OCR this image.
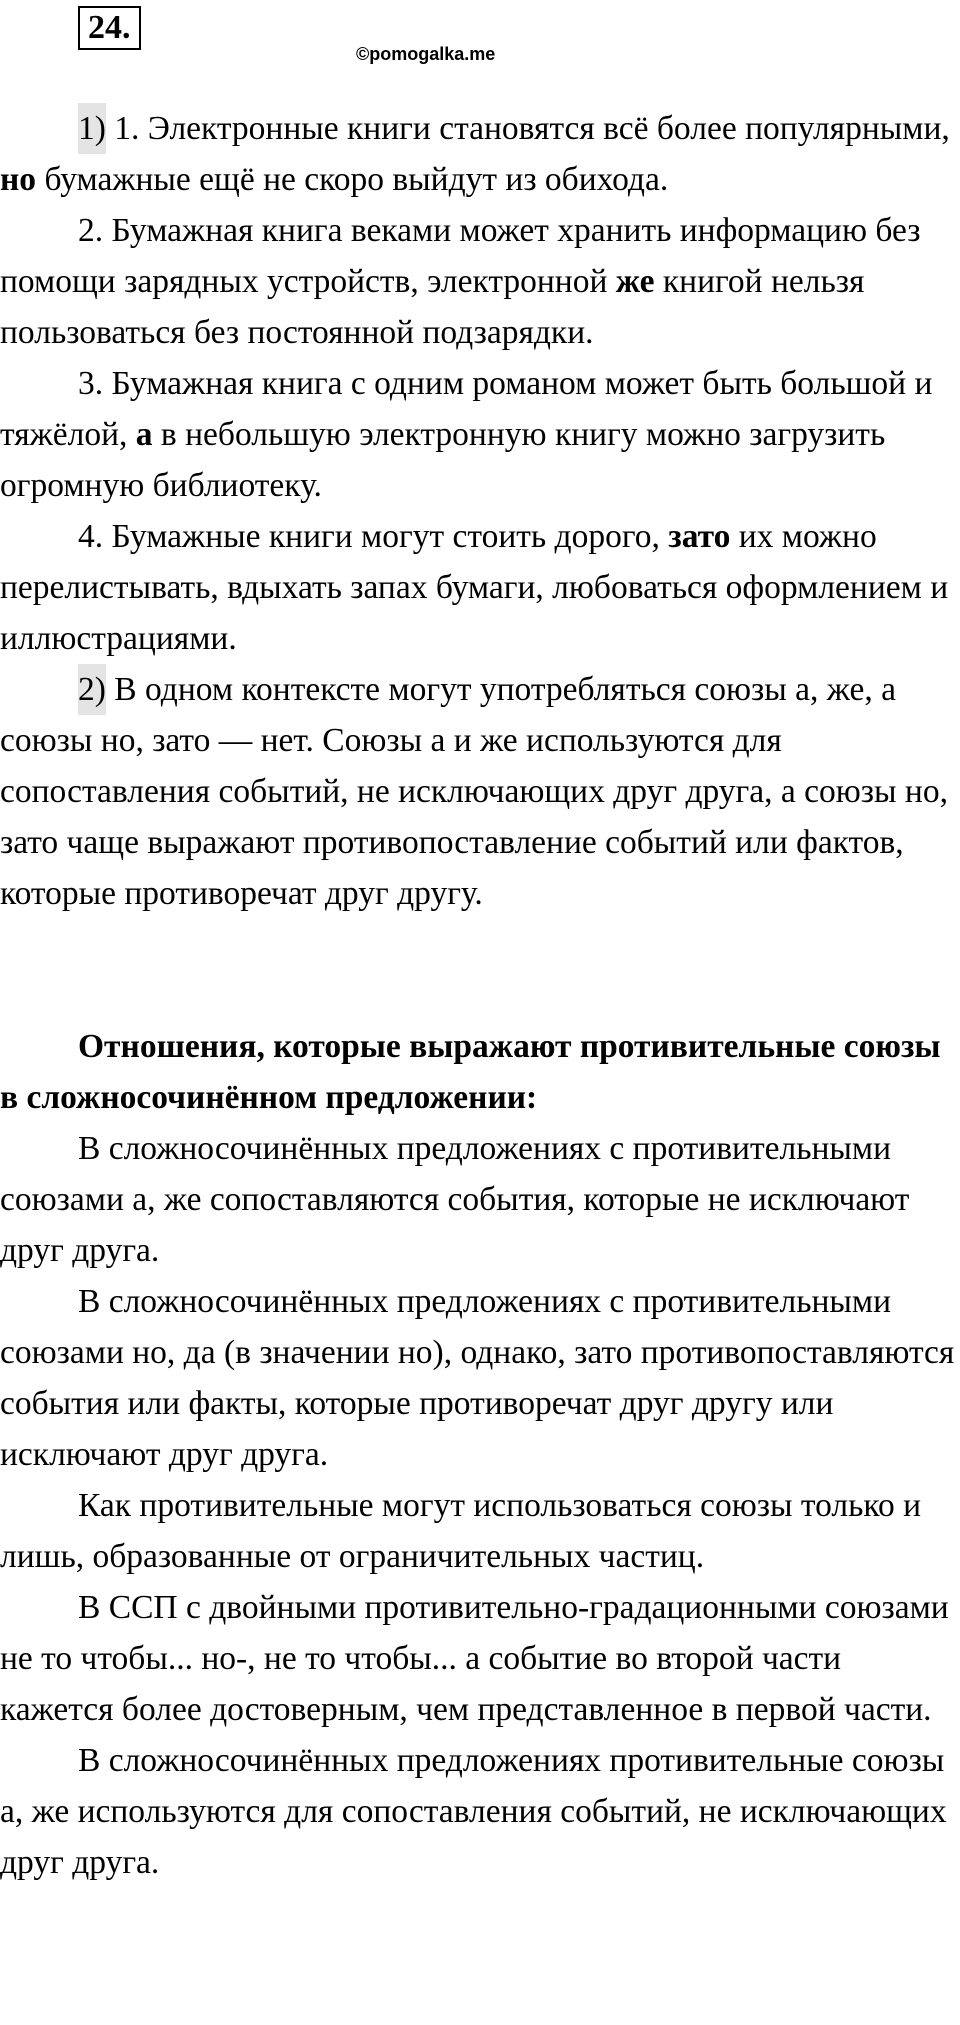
24.
©pomogalka.me

1) 1. Электронные книги становятся всё более популярными, но бумажные ещё не скоро выйдут из обихода.

2. Бумажная книга веками может хранить информацию без помощи зарядных устройств, электронной же книгой нельзя пользоваться без постоянной подзарядки.

3. Бумажная книга с одним романом может быть большой и тяжёлой, а в небольшую электронную книгу можно загрузить огромную библиотеку.

4. Бумажные книги могут стоить дорого, зато их можно перелистывать, вдыхать запах бумаги, любоваться оформлением и иллюстрациями.

2) В одном контексте могут употребляться союзы а, же, а союзы но, зато — нет. Союзы а и же используются для сопоставления событий, не исключающих друг друга, а союзы но, зато чаще выражают противопоставление событий или фактов, которые противоречат друг другу.

Отношения, которые выражают противительные союзы в сложносочинённом предложении:

В сложносочинённых предложениях с противительными союзами а, же сопоставляются события, которые не исключают друг друга.

В сложносочинённых предложениях с противительными союзами но, да (в значении но), однако, зато противопоставляются события или факты, которые противоречат друг другу или исключают друг друга.

Как противительные могут использоваться союзы только и лишь, образованные от ограничительных частиц.

В ССП с двойными противительно-градационными союзами не то чтобы... но-, не то чтобы... а событие во второй части кажется более достоверным, чем представленное в первой части.

В сложносочинённых предложениях противительные союзы а, же используются для сопоставления событий, не исключающих друг друга.
